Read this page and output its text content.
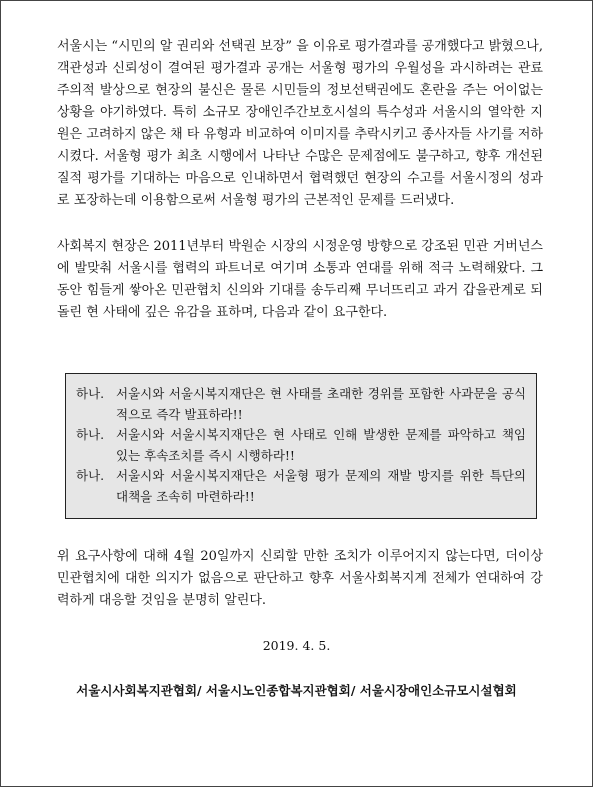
서울시는 “시민의 알 권리와 선택권 보장” 을 이유로 평가결과를 공개했다고 밝혔으나, 객관성과 신뢰성이 결여된 평가결과 공개는 서울형 평가의 우월성을 과시하려는 관료주의적 발상으로 현장의 불신은 물론 시민들의 정보선택권에도 혼란을 주는 어이없는 상황을 야기하였다. 특히 소규모 장애인주간보호시설의 특수성과 서울시의 열악한 지원은 고려하지 않은 채 타 유형과 비교하여 이미지를 추락시키고 종사자들 사기를 저하시켰다. 서울형 평가 최초 시행에서 나타난 수많은 문제점에도 불구하고, 향후 개선된 질적 평가를 기대하는 마음으로 인내하면서 협력했던 현장의 수고를 서울시정의 성과로 포장하는데 이용함으로써 서울형 평가의 근본적인 문제를 드러냈다.

사회복지 현장은 2011년부터 박원순 시장의 시정운영 방향으로 강조된 민관 거버넌스에 발맞춰 서울시를 협력의 파트너로 여기며 소통과 연대를 위해 적극 노력해왔다. 그동안 힘들게 쌓아온 민관협치 신의와 기대를 송두리째 무너뜨리고 과거 갑을관계로 되돌린 현 사태에 깊은 유감을 표하며, 다음과 같이 요구한다.

하나. 서울시와 서울시복지재단은 현 사태를 초래한 경위를 포함한 사과문을 공식적으로 즉각 발표하라!!
하나. 서울시와 서울시복지재단은 현 사태로 인해 발생한 문제를 파악하고 책임 있는 후속조치를 즉시 시행하라!!
하나. 서울시와 서울시복지재단은 서울형 평가 문제의 재발 방지를 위한 특단의 대책을 조속히 마련하라!!

위 요구사항에 대해 4월 20일까지 신뢰할 만한 조치가 이루어지지 않는다면, 더이상 민관협치에 대한 의지가 없음으로 판단하고 향후 서울사회복지계 전체가 연대하여 강력하게 대응할 것임을 분명히 알린다.

2019. 4. 5.
서울시사회복지관협회/ 서울시노인종합복지관협회/ 서울시장애인소규모시설협회
